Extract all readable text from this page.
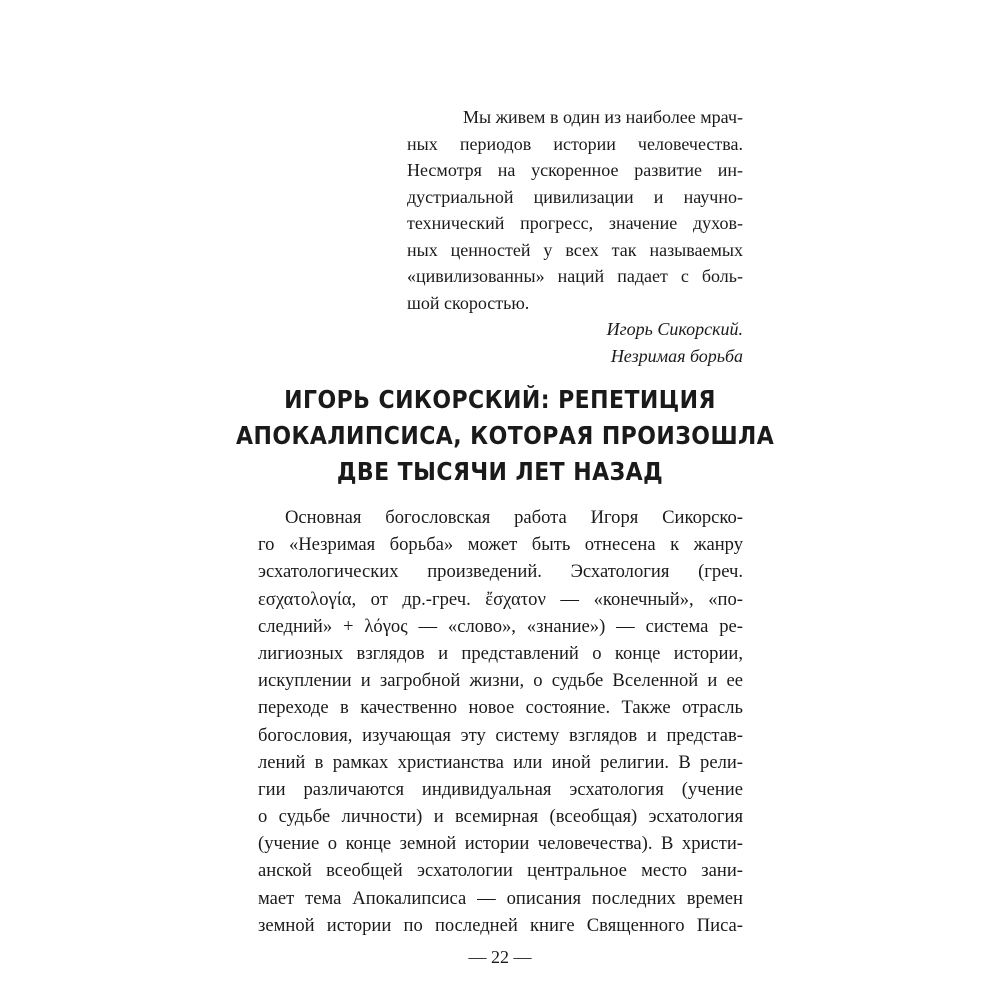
Мы живем в один из наиболее мрач-
ных периодов истории человечества.
Несмотря на ускоренное развитие ин-
дустриальной цивилизации и научно-
технический прогресс, значение духов-
ных ценностей у всех так называемых
«цивилизованны» наций падает с боль-
шой скоростью.
Игорь Сикорский.
Незримая борьба
ИГОРЬ СИКОРСКИЙ: РЕПЕТИЦИЯ
АПОКАЛИПСИСА, КОТОРАЯ ПРОИЗОШЛА
ДВЕ ТЫСЯЧИ ЛЕТ НАЗАД
Основная богословская работа Игоря Сикорско-
го «Незримая борьба» может быть отнесена к жанру
эсхатологических произведений. Эсхатология (греч.
εσχατολογία, от др.-греч. ἔσχατον — «конечный», «по-
следний» + λόγος — «слово», «знание») — система ре-
лигиозных взглядов и представлений о конце истории,
искуплении и загробной жизни, о судьбе Вселенной и ее
переходе в качественно новое состояние. Также отрасль
богословия, изучающая эту систему взглядов и представ-
лений в рамках христианства или иной религии. В рели-
гии различаются индивидуальная эсхатология (учение
о судьбе личности) и всемирная (всеобщая) эсхатология
(учение о конце земной истории человечества). В христи-
анской всеобщей эсхатологии центральное место зани-
мает тема Апокалипсиса — описания последних времен
земной истории по последней книге Священного Писа-
— 22 —
